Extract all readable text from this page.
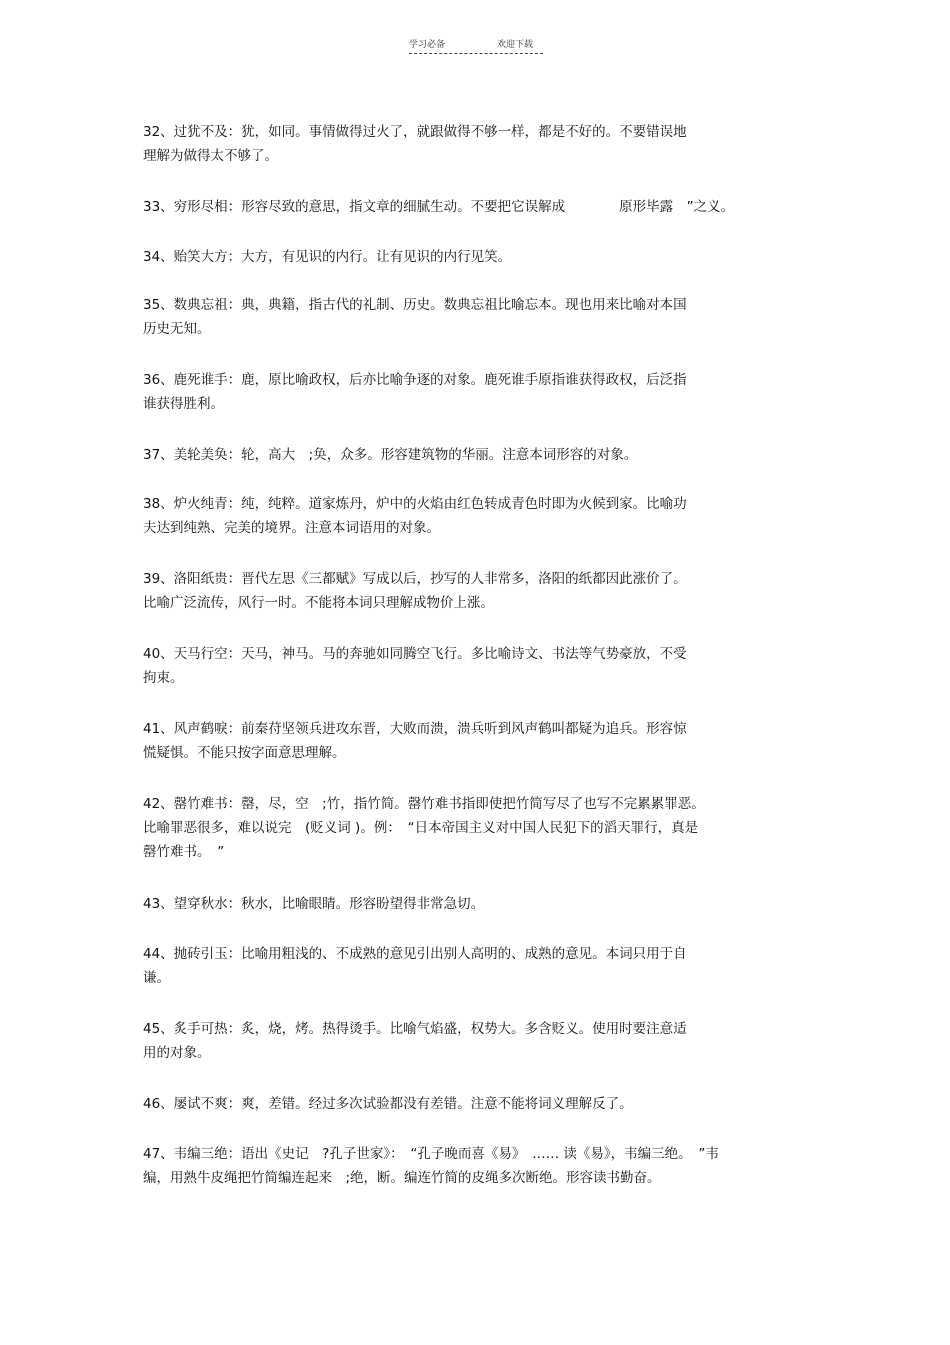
学习必备	欢迎下载
32、过犹不及：犹，如同。事情做得过火了，就跟做得不够一样，都是不好的。不要错误地
理解为做得太不够了。
33、穷形尽相：形容尽致的意思，指文章的细腻生动。不要把它误解成　　　　原形毕露　”之义。
34、贻笑大方：大方，有见识的内行。让有见识的内行见笑。
35、数典忘祖：典，典籍，指古代的礼制、历史。数典忘祖比喻忘本。现也用来比喻对本国
历史无知。
36、鹿死谁手：鹿，原比喻政权，后亦比喻争逐的对象。鹿死谁手原指谁获得政权，后泛指
谁获得胜利。
37、美轮美奂：轮，高大　;奂，众多。形容建筑物的华丽。注意本词形容的对象。
38、炉火纯青：纯，纯粹。道家炼丹，炉中的火焰由红色转成青色时即为火候到家。比喻功
夫达到纯熟、完美的境界。注意本词语用的对象。
39、洛阳纸贵：晋代左思《三都赋》写成以后，抄写的人非常多，洛阳的纸都因此涨价了。
比喻广泛流传，风行一时。不能将本词只理解成物价上涨。
40、天马行空：天马，神马。马的奔驰如同腾空飞行。多比喻诗文、书法等气势豪放，不受
拘束。
41、风声鹤唳：前秦苻坚领兵进攻东晋，大败而溃，溃兵听到风声鹤叫都疑为追兵。形容惊
慌疑惧。不能只按字面意思理解。
42、罄竹难书：罄，尽，空　;竹，指竹简。罄竹难书指即使把竹简写尽了也写不完累累罪恶。
比喻罪恶很多，难以说完　(贬义词 )。例：　“日本帝国主义对中国人民犯下的滔天罪行，真是
罄竹难书。　”
43、望穿秋水：秋水，比喻眼睛。形容盼望得非常急切。
44、抛砖引玉：比喻用粗浅的、不成熟的意见引出别人高明的、成熟的意见。本词只用于自
谦。
45、炙手可热：炙，烧，烤。热得烫手。比喻气焰盛，权势大。多含贬义。使用时要注意适
用的对象。
46、屡试不爽：爽，差错。经过多次试验都没有差错。注意不能将词义理解反了。
47、韦编三绝：语出《史记　?孔子世家》：　“孔子晚而喜《易》　…… 读《易》，韦编三绝。　”韦
编，用熟牛皮绳把竹简编连起来　;绝，断。编连竹简的皮绳多次断绝。形容读书勤奋。
